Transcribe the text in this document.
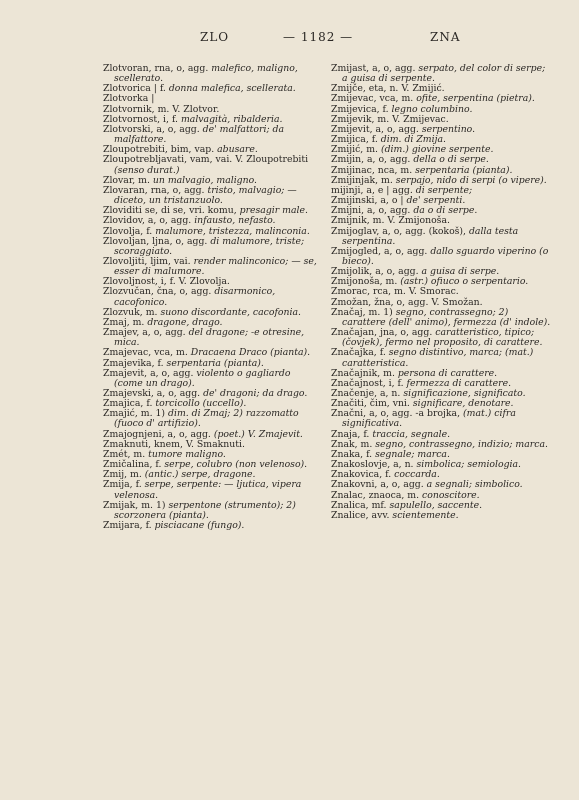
ZLO	— 1182 —	ZNA

Zlotvoran, rna, o, agg. malefico, maligno, scellerato.

Zlotvorica | f. donna malefica, scellerata.

Zlotvorka |

Zlotvornik, m. V. Zlotvor.

Zlotvornost, i, f. malvagità, ribalderia.

Zlotvorski, a, o, agg. de' malfattori; da malfattore.

Zloupotrebiti, bim, vap. abusare.

Zloupotrebljavati, vam, vai. V. Zloupotrebiti (senso durat.)

Zlovar, m. un malvagio, maligno.

Zlovaran, rna, o, agg. tristo, malvagio; — diceto, un tristanzuolo.

Zloviditi se, di se, vri. komu, presagir male.

Zlovidov, a, o, agg. infausto, nefasto.

Zlovolja, f. malumore, tristezza, malinconia.

Zlovoljan, ljna, o, agg. di malumore, triste; scoraggiato.

Zlovoljiti, ljim, vai. render malinconico; — se, esser di malumore.

Zlovoljnost, i, f. V. Zlovolja.

Zlozvučan, čna, o, agg. disarmonico, cacofonico.

Zlozvuk, m. suono discordante, cacofonia.

Zmaj, m. dragone, drago.

Zmajev, a, o, agg. del dragone; -e otresine, mica.

Zmajevac, vca, m. Dracaena Draco (pianta).

Zmajevika, f. serpentaria (pianta).

Zmajevit, a, o, agg. violento o gagliardo (come un drago).

Zmajevski, a, o, agg. de' dragoni; da drago.

Zmajica, f. torcicollo (uccello).

Zmajić, m. 1) dim. di Zmaj; 2) razzomatto (fuoco d' artifizio).

Zmajognjeni, a, o, agg. (poet.) V. Zmajevit.

Zmaknuti, knem, V. Smaknuti.

Zmét, m. tumore maligno.

Zmičalina, f. serpe, colubro (non velenoso).

Zmij, m. (antic.) serpe, dragone.

Zmija, f. serpe, serpente: — ljutica, vipera velenosa.

Zmijak, m. 1) serpentone (strumento); 2) scorzonera (pianta).

Zmijara, f. pisciacane (fungo).

Zmijast, a, o, agg. serpato, del color di serpe; a guisa di serpente.

Zmijče, eta, n. V. Zmijić.

Zmijevac, vca, m. ofite, serpentina (pietra).

Zmijevica, f. legno columbino.

Zmijevik, m. V. Zmijevac.

Zmijevit, a, o, agg. serpentino.

Zmijica, f. dim. di Zmija.

Zmijić, m. (dim.) giovine serpente.

Zmijin, a, o, agg. della o di serpe.

Zmijinac, nca, m. serpentaria (pianta).

Zmijinjak, m. serpajo, nido di serpi (o vipere).

mijinji, a, e | agg. di serpente;

Zmijinski, a, o | de' serpenti.

Zmijni, a, o, agg. da o di serpe.

Zmijnik, m. V. Zmijonoša.

Zmijoglav, a, o, agg. (kokoš), dalla testa serpentina.

Zmijogled, a, o, agg. dallo sguardo viperino (o bieco).

Zmijolik, a, o, agg. a guisa di serpe.

Zmijonoša, m. (astr.) ofiuco o serpentario.

Zmorac, rca, m. V. Smorac.

Zmožan, žna, o, agg. V. Smožan.

Značaj, m. 1) segno, contrassegno; 2) carattere (dell' animo), fermezza (d' indole).

Značajan, jna, o, agg. caratteristico, tipico; (čovjek), fermo nel proposito, di carattere.

Značajka, f. segno distintivo, marca; (mat.) caratteristica.

Značajnik, m. persona di carattere.

Značajnost, i, f. fermezza di carattere.

Značenje, a, n. significazione, significato.

Značiti, čim, vni. significare, denotare.

Značni, a, o, agg. -a brojka, (mat.) cifra significativa.

Znaja, f. traccia, segnale.

Znak, m. segno, contrassegno, indizio; marca.

Znaka, f. segnale; marca.

Znakoslovje, a, n. simbolica; semiologia.

Znakovica, f. coccarda.

Znakovni, a, o, agg. a segnali; simbolico.

Znalac, znaoca, m. conoscitore.

Znalica, mf. sapulello, saccente.

Znalice, avv. scientemente.
